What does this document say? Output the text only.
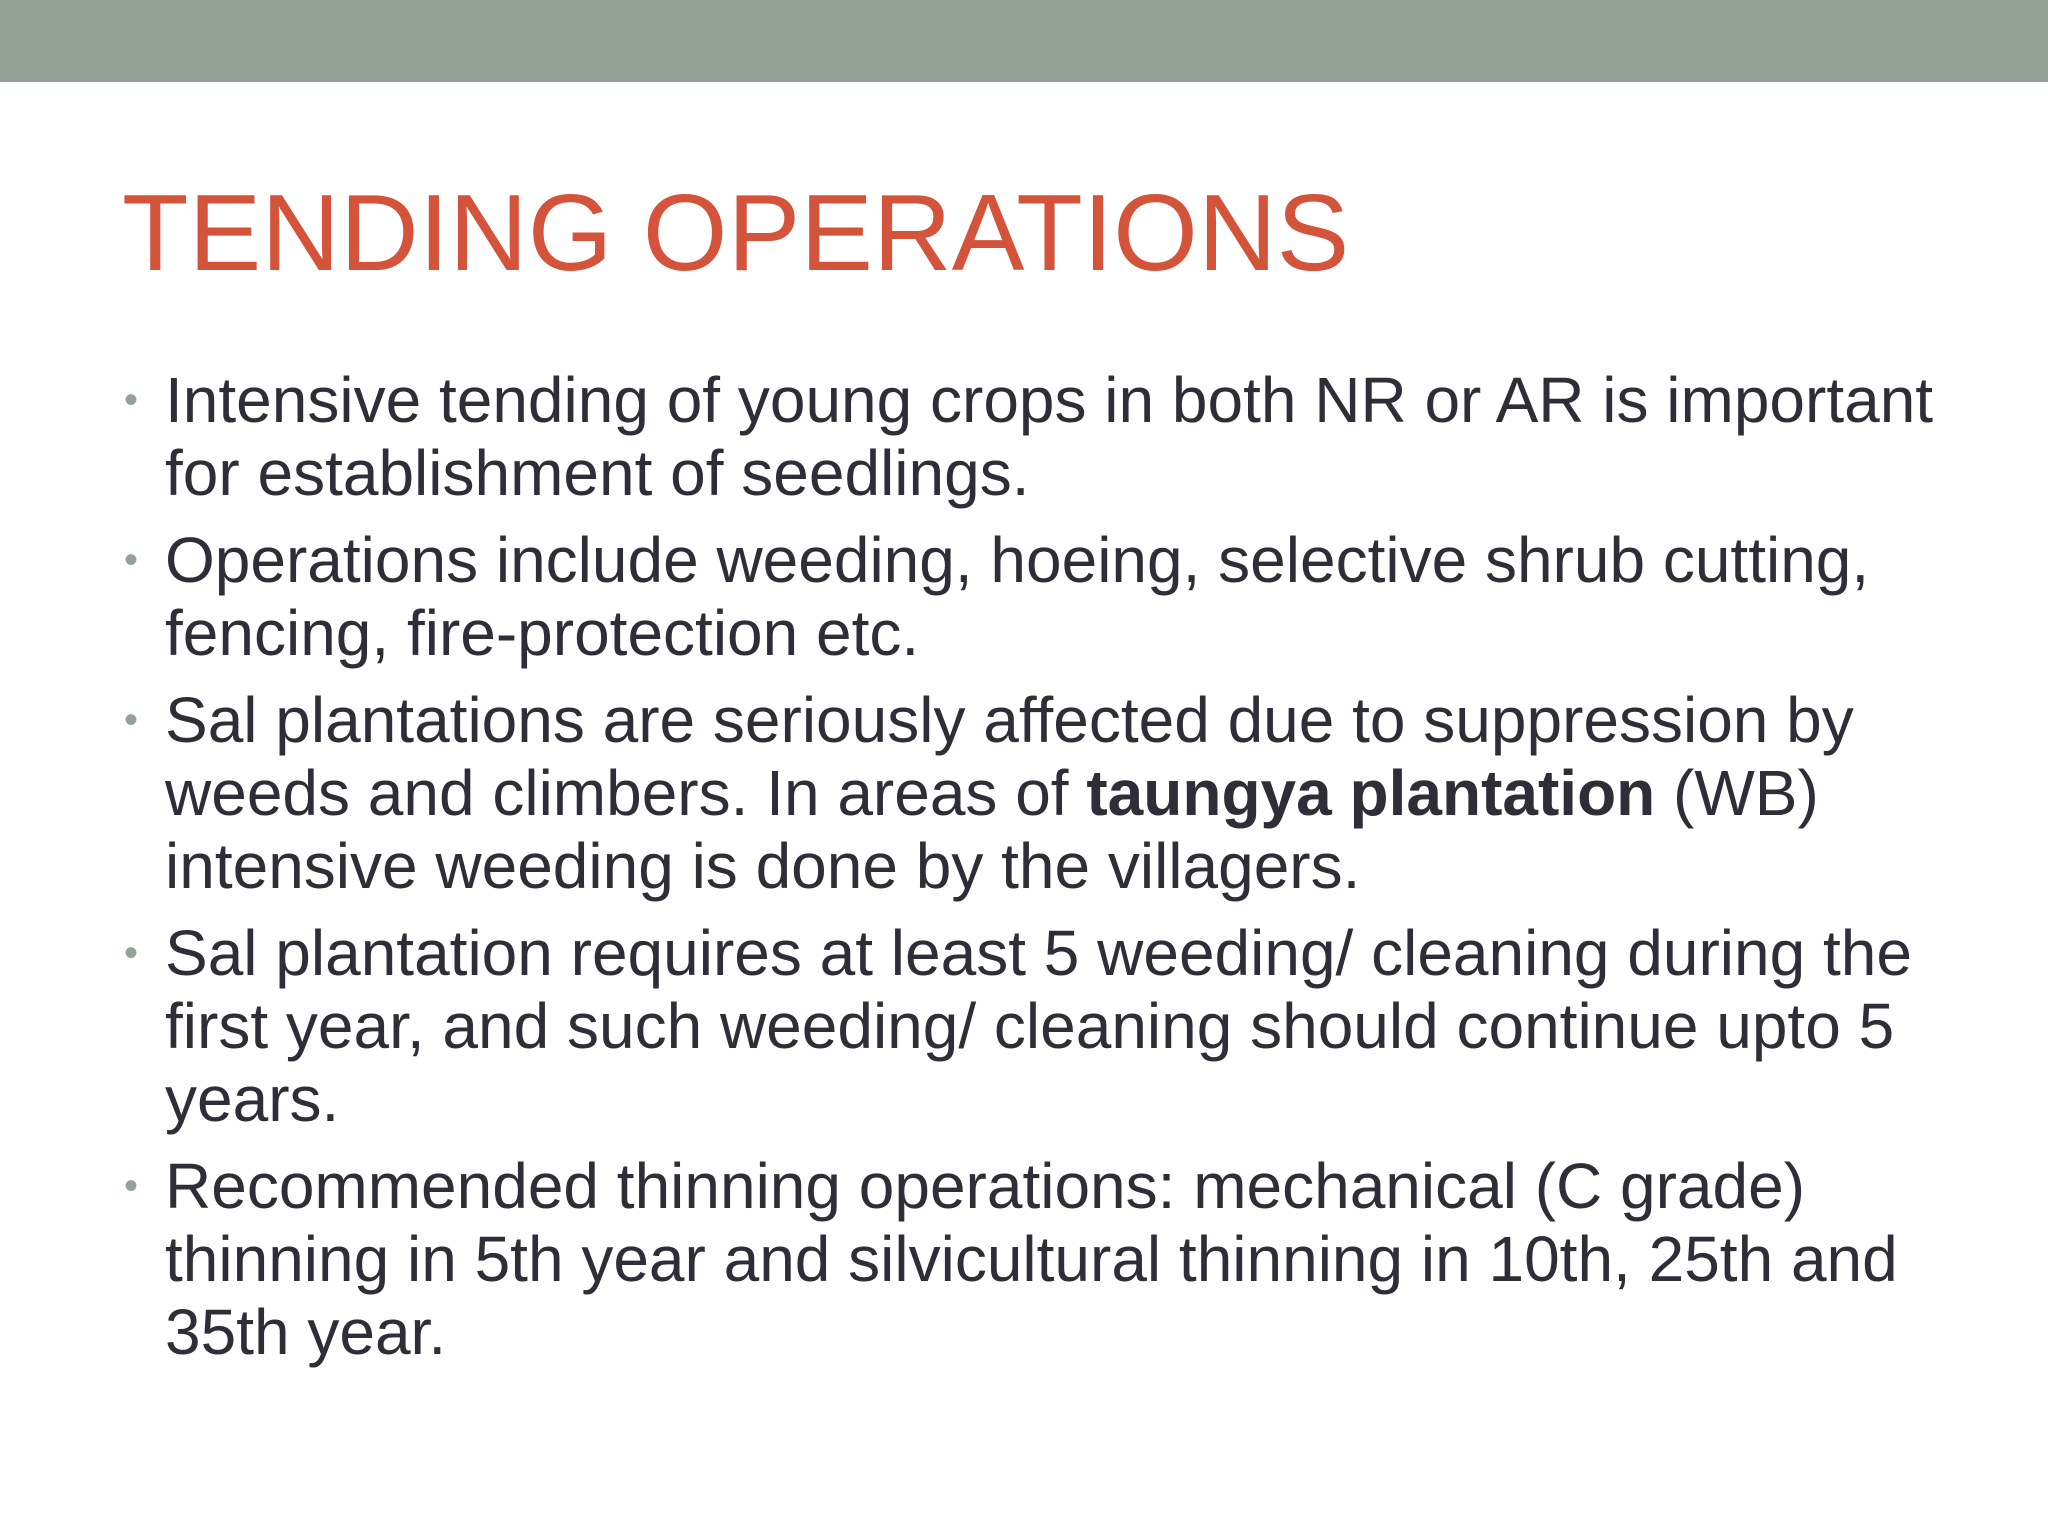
TENDING OPERATIONS
• Intensive tending of young crops in both NR or AR is important for establishment of seedlings.
• Operations include weeding, hoeing, selective shrub cutting, fencing, fire-protection etc.
• Sal plantations are seriously affected due to suppression by weeds and climbers. In areas of taungya plantation (WB) intensive weeding is done by the villagers.
• Sal plantation requires at least 5 weeding/ cleaning during the first year, and such weeding/ cleaning should continue upto 5 years.
• Recommended thinning operations: mechanical (C grade) thinning in 5th year and silvicultural thinning in 10th, 25th and 35th year.
